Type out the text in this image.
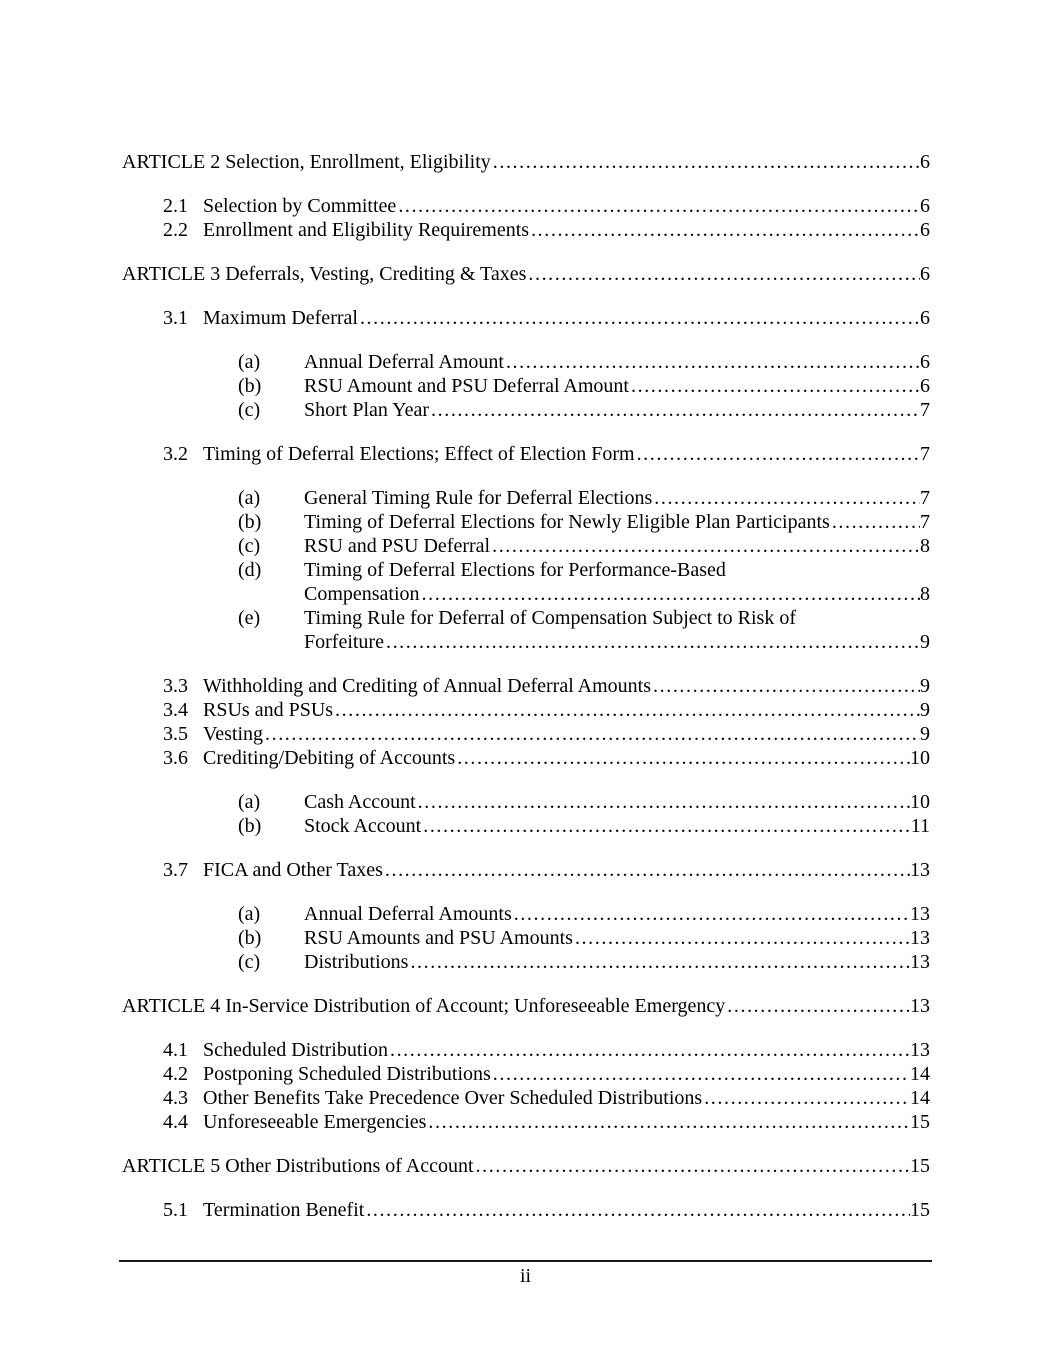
ARTICLE 2 Selection, Enrollment, Eligibility .....	6
2.1 Selection by Committee .....	6
2.2 Enrollment and Eligibility Requirements .....	6
ARTICLE 3 Deferrals, Vesting, Crediting & Taxes .....	6
3.1 Maximum Deferral .....	6
(a)	Annual Deferral Amount .....	6
(b)	RSU Amount and PSU Deferral Amount .....	6
(c)	Short Plan Year .....	7
3.2 Timing of Deferral Elections; Effect of Election Form .....	7
(a)	General Timing Rule for Deferral Elections .....	7
(b)	Timing of Deferral Elections for Newly Eligible Plan Participants .....	7
(c)	RSU and PSU Deferral .....	8
(d)	Timing of Deferral Elections for Performance-Based
Compensation .....	8
(e)	Timing Rule for Deferral of Compensation Subject to Risk of
Forfeiture .....	9
3.3 Withholding and Crediting of Annual Deferral Amounts .....	9
3.4 RSUs and PSUs .....	9
3.5 Vesting .....	9
3.6 Crediting/Debiting of Accounts .....	10
(a)	Cash Account .....	10
(b)	Stock Account .....	11
3.7 FICA and Other Taxes .....	13
(a)	Annual Deferral Amounts .....	13
(b)	RSU Amounts and PSU Amounts .....	13
(c)	Distributions .....	13
ARTICLE 4 In-Service Distribution of Account; Unforeseeable Emergency .....	13
4.1 Scheduled Distribution .....	13
4.2 Postponing Scheduled Distributions .....	14
4.3 Other Benefits Take Precedence Over Scheduled Distributions .....	14
4.4 Unforeseeable Emergencies .....	15
ARTICLE 5 Other Distributions of Account .....	15
5.1 Termination Benefit .....	15
ii
